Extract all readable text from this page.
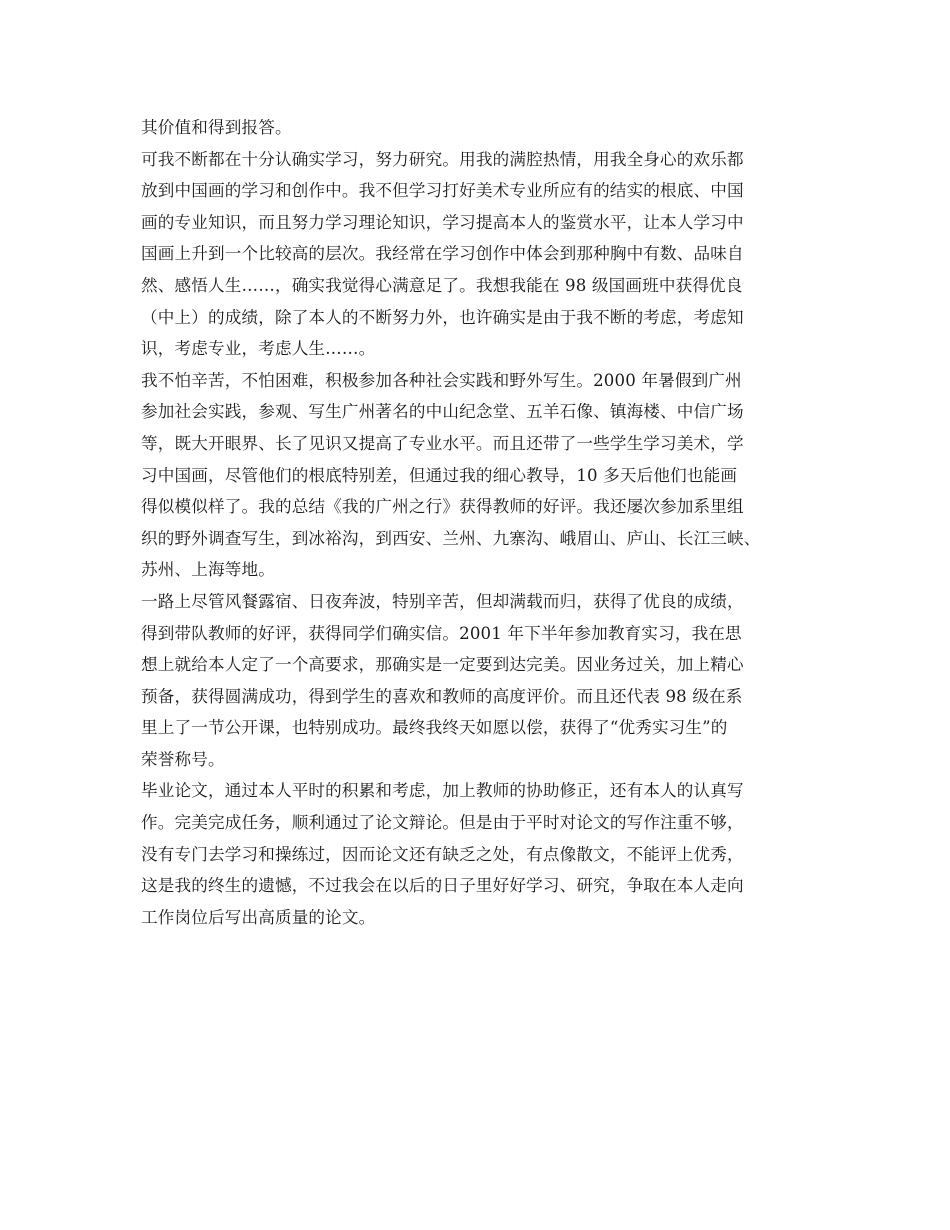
其价值和得到报答。
可我不断都在十分认确实学习，努力研究。用我的满腔热情，用我全身心的欢乐都
放到中国画的学习和创作中。我不但学习打好美术专业所应有的结实的根底、中国
画的专业知识，而且努力学习理论知识，学习提高本人的鉴赏水平，让本人学习中
国画上升到一个比较高的层次。我经常在学习创作中体会到那种胸中有数、品味自
然、感悟人生……，确实我觉得心满意足了。我想我能在 98 级国画班中获得优良
（中上）的成绩，除了本人的不断努力外，也许确实是由于我不断的考虑，考虑知
识，考虑专业，考虑人生……。
我不怕辛苦，不怕困难，积极参加各种社会实践和野外写生。2000 年暑假到广州
参加社会实践，参观、写生广州著名的中山纪念堂、五羊石像、镇海楼、中信广场
等，既大开眼界、长了见识又提高了专业水平。而且还带了一些学生学习美术，学
习中国画，尽管他们的根底特别差，但通过我的细心教导，10 多天后他们也能画
得似模似样了。我的总结《我的广州之行》获得教师的好评。我还屡次参加系里组
织的野外调查写生，到冰裕沟，到西安、兰州、九寨沟、峨眉山、庐山、长江三峡、
苏州、上海等地。
一路上尽管风餐露宿、日夜奔波，特别辛苦，但却满载而归，获得了优良的成绩，
得到带队教师的好评，获得同学们确实信。2001 年下半年参加教育实习，我在思
想上就给本人定了一个高要求，那确实是一定要到达完美。因业务过关，加上精心
预备，获得圆满成功，得到学生的喜欢和教师的高度评价。而且还代表 98 级在系
里上了一节公开课，也特别成功。最终我终天如愿以偿，获得了“优秀实习生”的
荣誉称号。
毕业论文，通过本人平时的积累和考虑，加上教师的协助修正，还有本人的认真写
作。完美完成任务，顺利通过了论文辩论。但是由于平时对论文的写作注重不够，
没有专门去学习和操练过，因而论文还有缺乏之处，有点像散文，不能评上优秀，
这是我的终生的遗憾，不过我会在以后的日子里好好学习、研究，争取在本人走向
工作岗位后写出高质量的论文。
